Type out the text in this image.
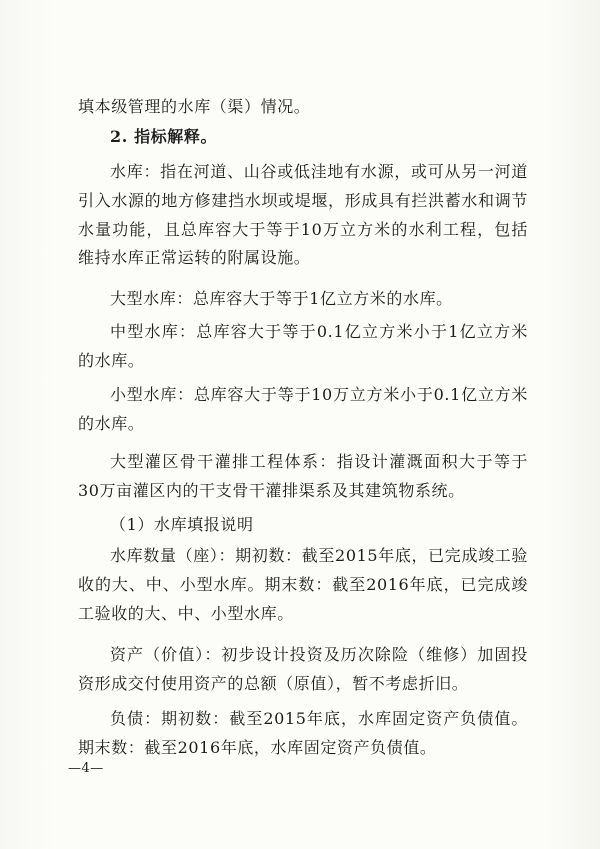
填本级管理的水库（渠）情况。

2. 指标解释。

水库：指在河道、山谷或低洼地有水源，或可从另一河道引入水源的地方修建挡水坝或堤堰，形成具有拦洪蓄水和调节水量功能，且总库容大于等于10万立方米的水利工程，包括维持水库正常运转的附属设施。

大型水库：总库容大于等于1亿立方米的水库。

中型水库：总库容大于等于0.1亿立方米小于1亿立方米的水库。

小型水库：总库容大于等于10万立方米小于0.1亿立方米的水库。

大型灌区骨干灌排工程体系：指设计灌溉面积大于等于30万亩灌区内的干支骨干灌排渠系及其建筑物系统。

（1）水库填报说明

水库数量（座）：期初数：截至2015年底，已完成竣工验收的大、中、小型水库。期末数：截至2016年底，已完成竣工验收的大、中、小型水库。

资产（价值）：初步设计投资及历次除险（维修）加固投资形成交付使用资产的总额（原值），暂不考虑折旧。

负债：期初数：截至2015年底，水库固定资产负债值。期末数：截至2016年底，水库固定资产负债值。

—4—
